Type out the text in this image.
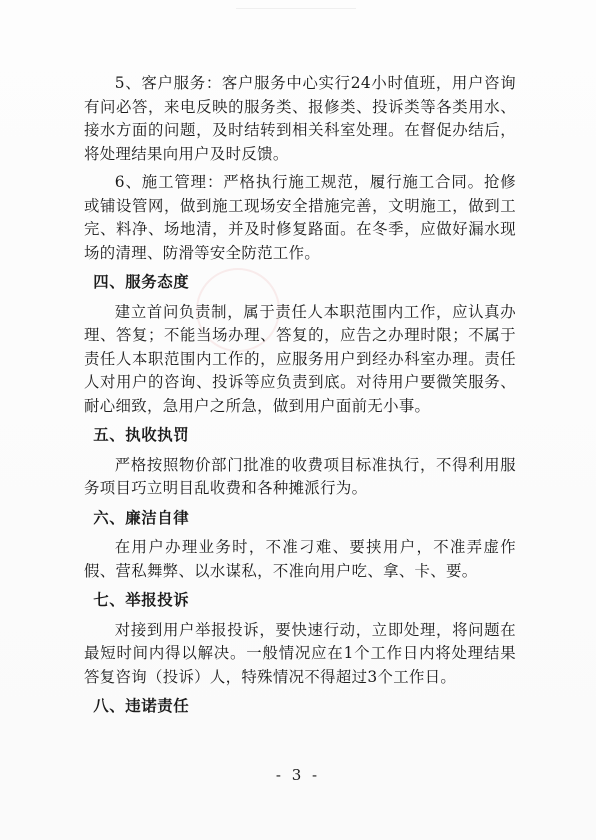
5、客户服务：客户服务中心实行24小时值班，用户咨询有问必答，来电反映的服务类、报修类、投诉类等各类用水、接水方面的问题，及时结转到相关科室处理。在督促办结后，将处理结果向用户及时反馈。

6、施工管理：严格执行施工规范，履行施工合同。抢修或铺设管网，做到施工现场安全措施完善，文明施工，做到工完、料净、场地清，并及时修复路面。在冬季，应做好漏水现场的清理、防滑等安全防范工作。

四、服务态度

建立首问负责制，属于责任人本职范围内工作，应认真办理、答复；不能当场办理、答复的，应告之办理时限；不属于责任人本职范围内工作的，应服务用户到经办科室办理。责任人对用户的咨询、投诉等应负责到底。对待用户要微笑服务、耐心细致，急用户之所急，做到用户面前无小事。

五、执收执罚

严格按照物价部门批准的收费项目标准执行，不得利用服务项目巧立明目乱收费和各种摊派行为。

六、廉洁自律

在用户办理业务时，不准刁难、要挟用户，不准弄虚作假、营私舞弊、以水谋私，不准向用户吃、拿、卡、要。

七、举报投诉

对接到用户举报投诉，要快速行动，立即处理，将问题在最短时间内得以解决。一般情况应在1个工作日内将处理结果答复咨询（投诉）人，特殊情况不得超过3个工作日。

八、违诺责任
- 3 -
